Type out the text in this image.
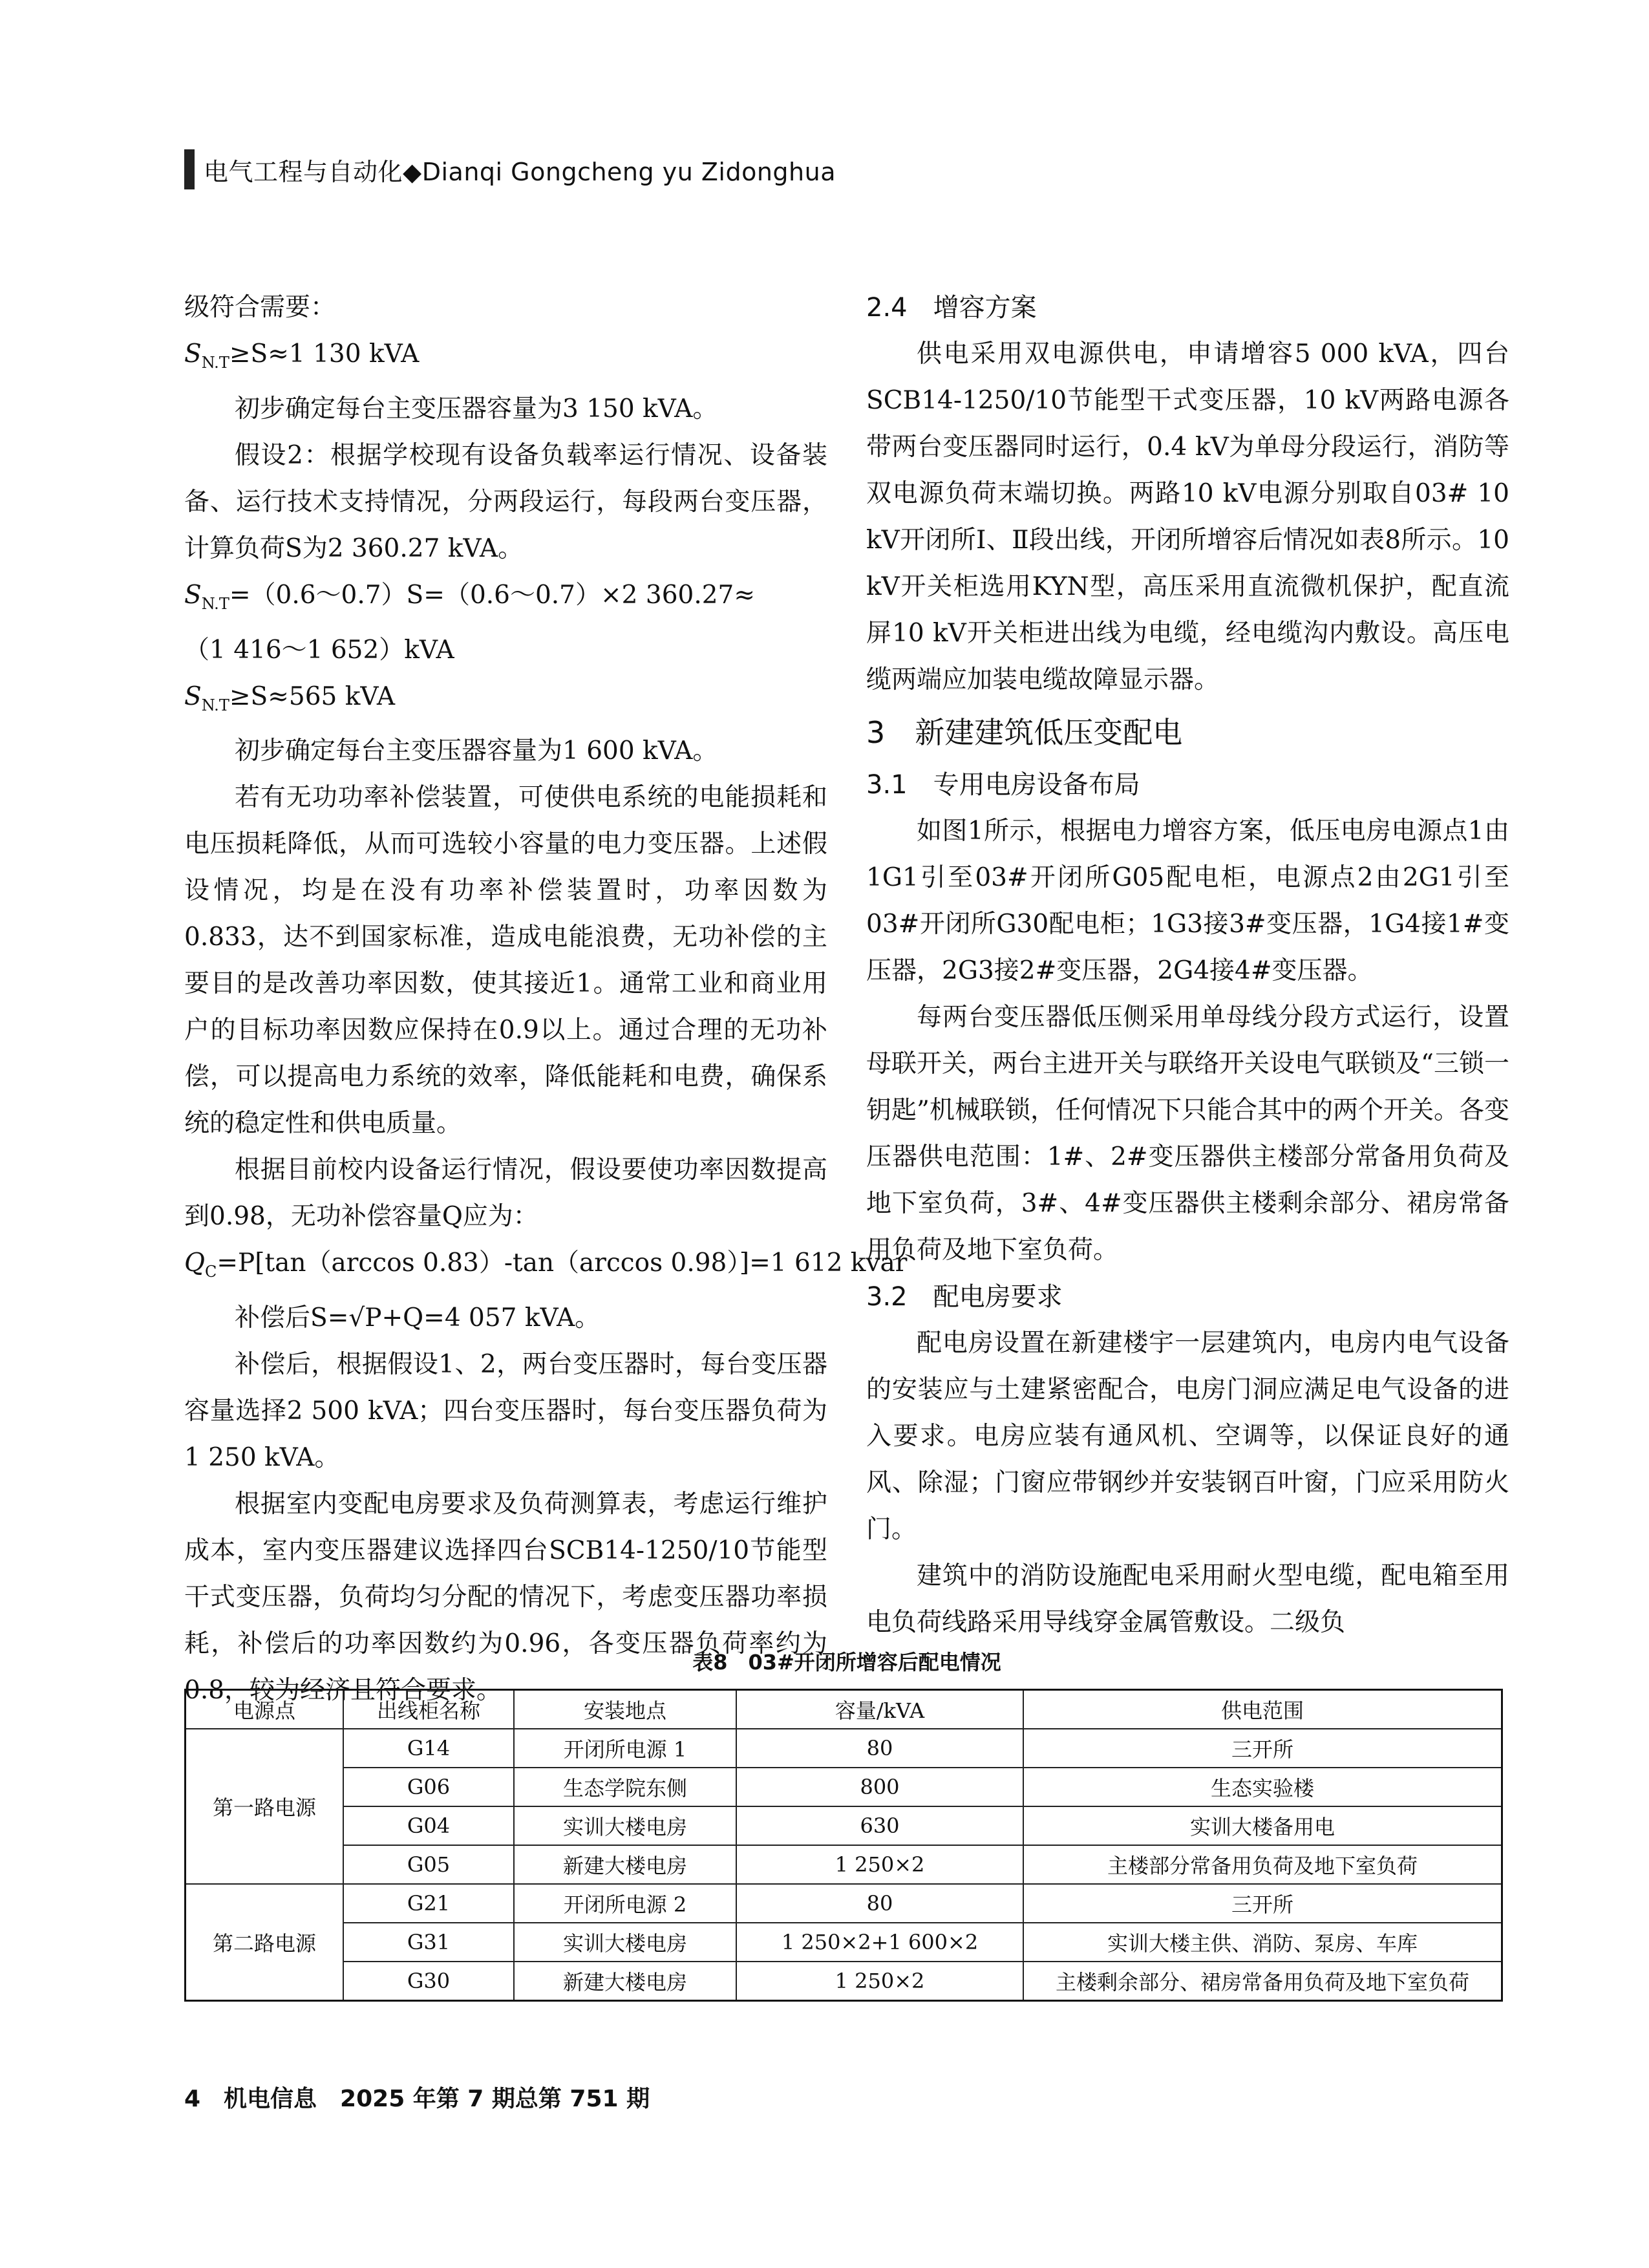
电气工程与自动化◆Dianqi Gongcheng yu Zidonghua

级符合需要：

$S_{N.T}\ge S\approx 1$ 130 kVA

初步确定每台主变压器容量为3 150 kVA。

假设2：根据学校现有设备负载率运行情况、设备装备、运行技术支持情况，分两段运行，每段两台变压器，计算负荷S为2 360.27 kVA。

$S_{N.T}=(0.6\sim 0.7)S=(0.6\sim 0.7)\times 2$ 360.27≈

（1 416～1 652）kVA

$S_{N.T}\ge S\approx 565$ kVA

初步确定每台主变压器容量为1 600 kVA。

若有无功功率补偿装置，可使供电系统的电能损耗和电压损耗降低，从而可选较小容量的电力变压器。上述假设情况，均是在没有功率补偿装置时，功率因数为0.833，达不到国家标准，造成电能浪费，无功补偿的主要目的是改善功率因数，使其接近1。通常工业和商业用户的目标功率因数应保持在0.9以上。通过合理的无功补偿，可以提高电力系统的效率，降低能耗和电费，确保系统的稳定性和供电质量。

根据目前校内设备运行情况，假设要使功率因数提高到0.98，无功补偿容量Q应为：

$Q_C=P[\tan(\arccos$ 0.83）-tan（arccos 0.98）]=1 612 kvar

补偿后S=√P+Q=4 057 kVA。

补偿后，根据假设1、2，两台变压器时，每台变压器容量选择2 500 kVA；四台变压器时，每台变压器负荷为1 250 kVA。

根据室内变配电房要求及负荷测算表，考虑运行维护成本，室内变压器建议选择四台SCB14-1250/10节能型干式变压器，负荷均匀分配的情况下，考虑变压器功率损耗，补偿后的功率因数约为0.96，各变压器负荷率约为0.8，较为经济且符合要求。

2.4　增容方案

供电采用双电源供电，申请增容5 000 kVA，四台SCB14-1250/10节能型干式变压器，10 kV两路电源各带两台变压器同时运行，0.4 kV为单母分段运行，消防等双电源负荷末端切换。两路10 kV电源分别取自03# 10 kV开闭所Ⅰ、Ⅱ段出线，开闭所增容后情况如表8所示。10 kV开关柜选用KYN型，高压采用直流微机保护，配直流屏10 kV开关柜进出线为电缆，经电缆沟内敷设。高压电缆两端应加装电缆故障显示器。

3　新建建筑低压变配电

3.1　专用电房设备布局

如图1所示，根据电力增容方案，低压电房电源点1由1G1引至03#开闭所G05配电柜，电源点2由2G1引至03#开闭所G30配电柜；1G3接3#变压器，1G4接1#变压器，2G3接2#变压器，2G4接4#变压器。

每两台变压器低压侧采用单母线分段方式运行，设置母联开关，两台主进开关与联络开关设电气联锁及“三锁一钥匙”机械联锁，任何情况下只能合其中的两个开关。各变压器供电范围：1#、2#变压器供主楼部分常备用负荷及地下室负荷，3#、4#变压器供主楼剩余部分、裙房常备用负荷及地下室负荷。

3.2　配电房要求

配电房设置在新建楼宇一层建筑内，电房内电气设备的安装应与土建紧密配合，电房门洞应满足电气设备的进入要求。电房应装有通风机、空调等，以保证良好的通风、除湿；门窗应带钢纱并安装钢百叶窗，门应采用防火门。

建筑中的消防设施配电采用耐火型电缆，配电箱至用电负荷线路采用导线穿金属管敷设。二级负

表8　03#开闭所增容后配电情况
电源点	出线柜名称	安装地点	容量/kVA	供电范围
第一路电源	G14	开闭所电源 1	80	三开所
	G06	生态学院东侧	800	生态实验楼
	G04	实训大楼电房	630	实训大楼备用电
	G05	新建大楼电房	1 250×2	主楼部分常备用负荷及地下室负荷
第二路电源	G21	开闭所电源 2	80	三开所
	G31	实训大楼电房	1 250×2+1 600×2	实训大楼主供、消防、泵房、车库
	G30	新建大楼电房	1 250×2	主楼剩余部分、裙房常备用负荷及地下室负荷
4　机电信息　2025 年第 7 期总第 751 期
